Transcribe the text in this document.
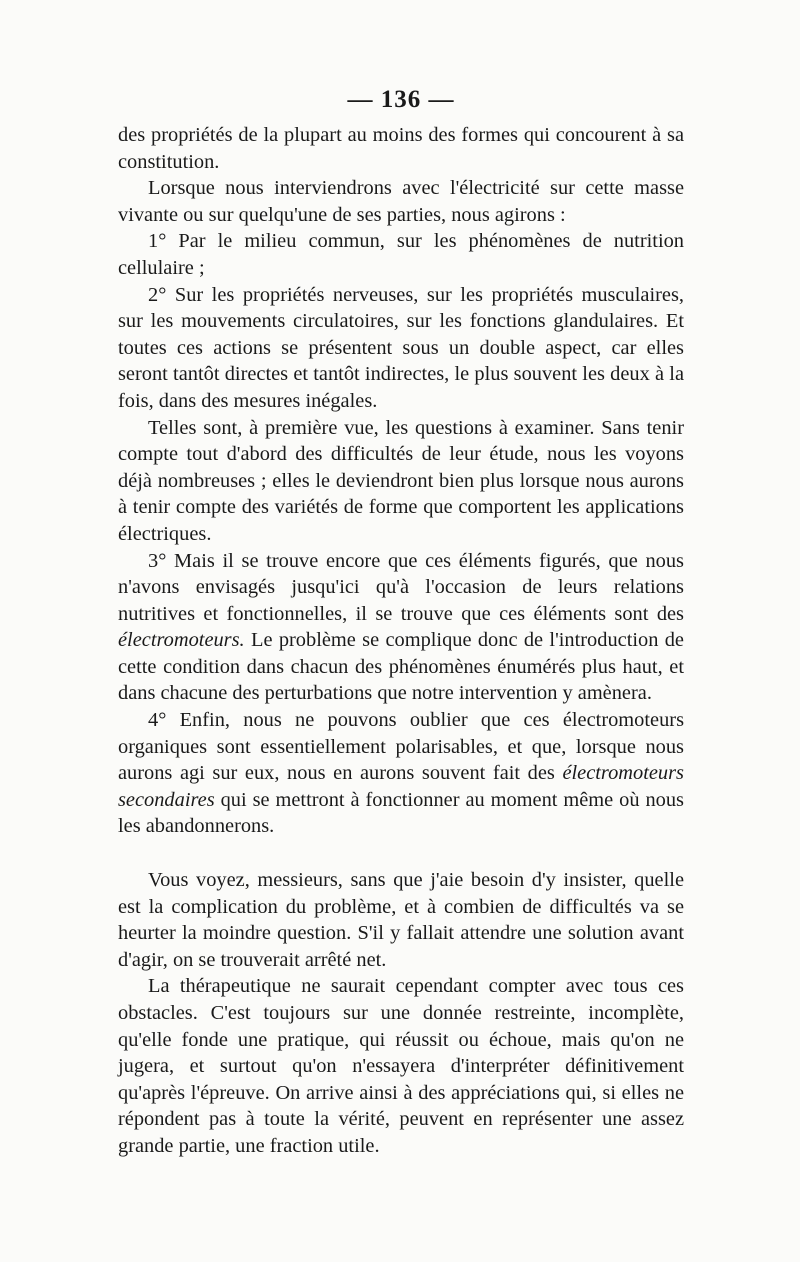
— 136 —

des propriétés de la plupart au moins des formes qui concourent à sa constitution.

Lorsque nous interviendrons avec l'électricité sur cette masse vivante ou sur quelqu'une de ses parties, nous agirons :

1° Par le milieu commun, sur les phénomènes de nutrition cellulaire ;

2° Sur les propriétés nerveuses, sur les propriétés musculaires, sur les mouvements circulatoires, sur les fonctions glandulaires. Et toutes ces actions se présentent sous un double aspect, car elles seront tantôt directes et tantôt indirectes, le plus souvent les deux à la fois, dans des mesures inégales.

Telles sont, à première vue, les questions à examiner. Sans tenir compte tout d'abord des difficultés de leur étude, nous les voyons déjà nombreuses ; elles le deviendront bien plus lorsque nous aurons à tenir compte des variétés de forme que comportent les applications électriques.

3° Mais il se trouve encore que ces éléments figurés, que nous n'avons envisagés jusqu'ici qu'à l'occasion de leurs relations nutritives et fonctionnelles, il se trouve que ces éléments sont des électromoteurs. Le problème se complique donc de l'introduction de cette condition dans chacun des phénomènes énumérés plus haut, et dans chacune des perturbations que notre intervention y amènera.

4° Enfin, nous ne pouvons oublier que ces électromoteurs organiques sont essentiellement polarisables, et que, lorsque nous aurons agi sur eux, nous en aurons souvent fait des électromoteurs secondaires qui se mettront à fonctionner au moment même où nous les abandonnerons.

Vous voyez, messieurs, sans que j'aie besoin d'y insister, quelle est la complication du problème, et à combien de difficultés va se heurter la moindre question. S'il y fallait attendre une solution avant d'agir, on se trouverait arrêté net.

La thérapeutique ne saurait cependant compter avec tous ces obstacles. C'est toujours sur une donnée restreinte, incomplète, qu'elle fonde une pratique, qui réussit ou échoue, mais qu'on ne jugera, et surtout qu'on n'essayera d'interpréter définitivement qu'après l'épreuve. On arrive ainsi à des appréciations qui, si elles ne répondent pas à toute la vérité, peuvent en représenter une assez grande partie, une fraction utile.
